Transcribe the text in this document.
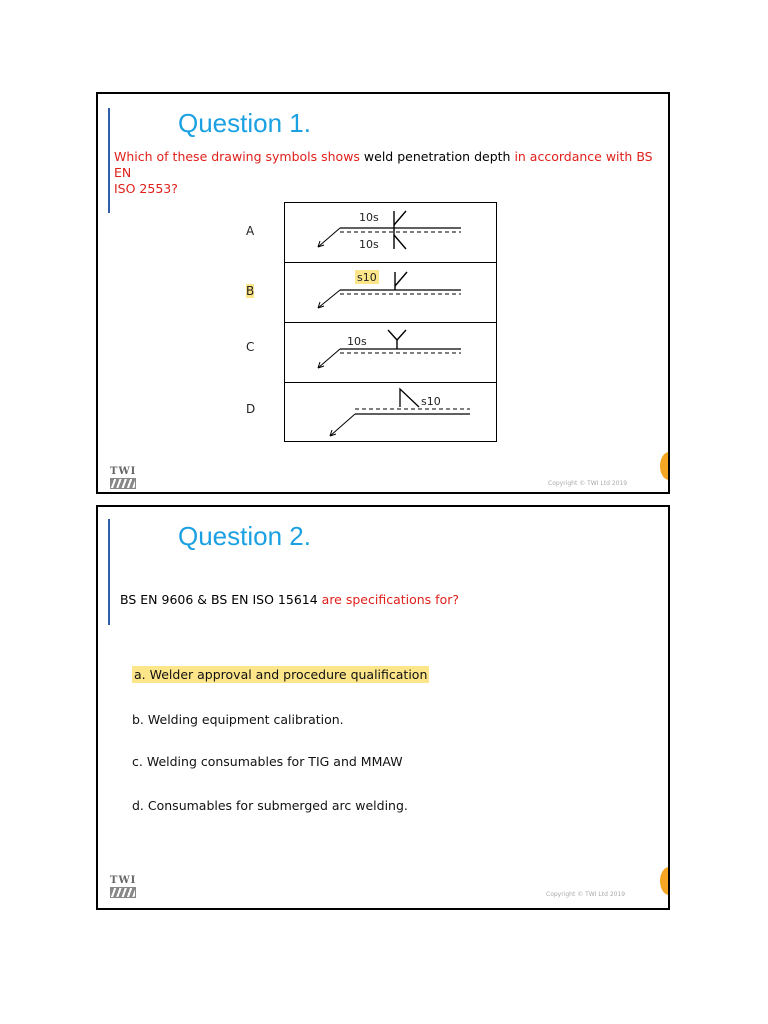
Question 1.
Which of these drawing symbols shows weld penetration depth in accordance with BS EN
ISO 2553?
A
B
C
D
10s
10s
s10
10s
s10
TWI
Copyright © TWI Ltd 2019
Question 2.
BS EN 9606 & BS EN ISO 15614 are specifications for?
a. Welder approval and procedure qualification
b. Welding equipment calibration.
c. Welding consumables for TIG and MMAW
d. Consumables for submerged arc welding.
TWI
Copyright © TWI Ltd 2019
